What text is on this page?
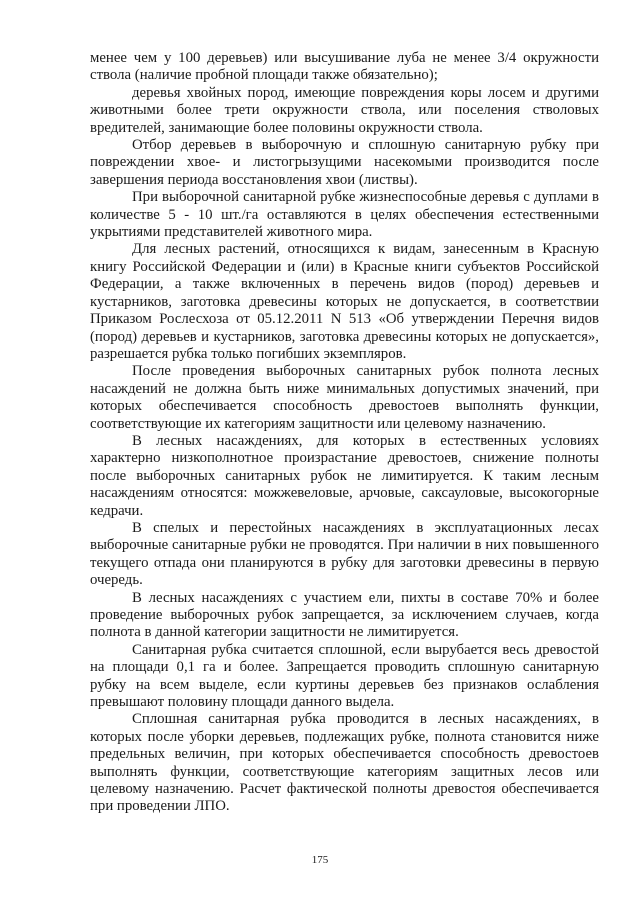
менее чем у 100 деревьев) или высушивание луба не менее 3/4 окружности ствола (наличие пробной площади также обязательно);

деревья хвойных пород, имеющие повреждения коры лосем и другими животными более трети окружности ствола, или поселения стволовых вредителей, занимающие более половины окружности ствола.

Отбор деревьев в выборочную и сплошную санитарную рубку при повреждении хвое- и листогрызущими насекомыми производится после завершения периода восстановления хвои (листвы).

При выборочной санитарной рубке жизнеспособные деревья с дуплами в количестве 5 - 10 шт./га оставляются в целях обеспечения естественными укрытиями представителей животного мира.

Для лесных растений, относящихся к видам, занесенным в Красную книгу Российской Федерации и (или) в Красные книги субъектов Российской Федерации, а также включенных в перечень видов (пород) деревьев и кустарников, заготовка древесины которых не допускается, в соответствии Приказом Рослесхоза от 05.12.2011 N 513 «Об утверждении Перечня видов (пород) деревьев и кустарников, заготовка древесины которых не допускается», разрешается рубка только погибших экземпляров.

После проведения выборочных санитарных рубок полнота лесных насаждений не должна быть ниже минимальных допустимых значений, при которых обеспечивается способность древостоев выполнять функции, соответствующие их категориям защитности или целевому назначению.

В лесных насаждениях, для которых в естественных условиях характерно низкополнотное произрастание древостоев, снижение полноты после выборочных санитарных рубок не лимитируется. К таким лесным насаждениям относятся: можжевеловые, арчовые, саксауловые, высокогорные кедрачи.

В спелых и перестойных насаждениях в эксплуатационных лесах выборочные санитарные рубки не проводятся. При наличии в них повышенного текущего отпада они планируются в рубку для заготовки древесины в первую очередь.

В лесных насаждениях с участием ели, пихты в составе 70% и более проведение выборочных рубок запрещается, за исключением случаев, когда полнота в данной категории защитности не лимитируется.

Санитарная рубка считается сплошной, если вырубается весь древостой на площади 0,1 га и более. Запрещается проводить сплошную санитарную рубку на всем выделе, если куртины деревьев без признаков ослабления превышают половину площади данного выдела.

Сплошная санитарная рубка проводится в лесных насаждениях, в которых после уборки деревьев, подлежащих рубке, полнота становится ниже предельных величин, при которых обеспечивается способность древостоев выполнять функции, соответствующие категориям защитных лесов или целевому назначению. Расчет фактической полноты древостоя обеспечивается при проведении ЛПО.

175
